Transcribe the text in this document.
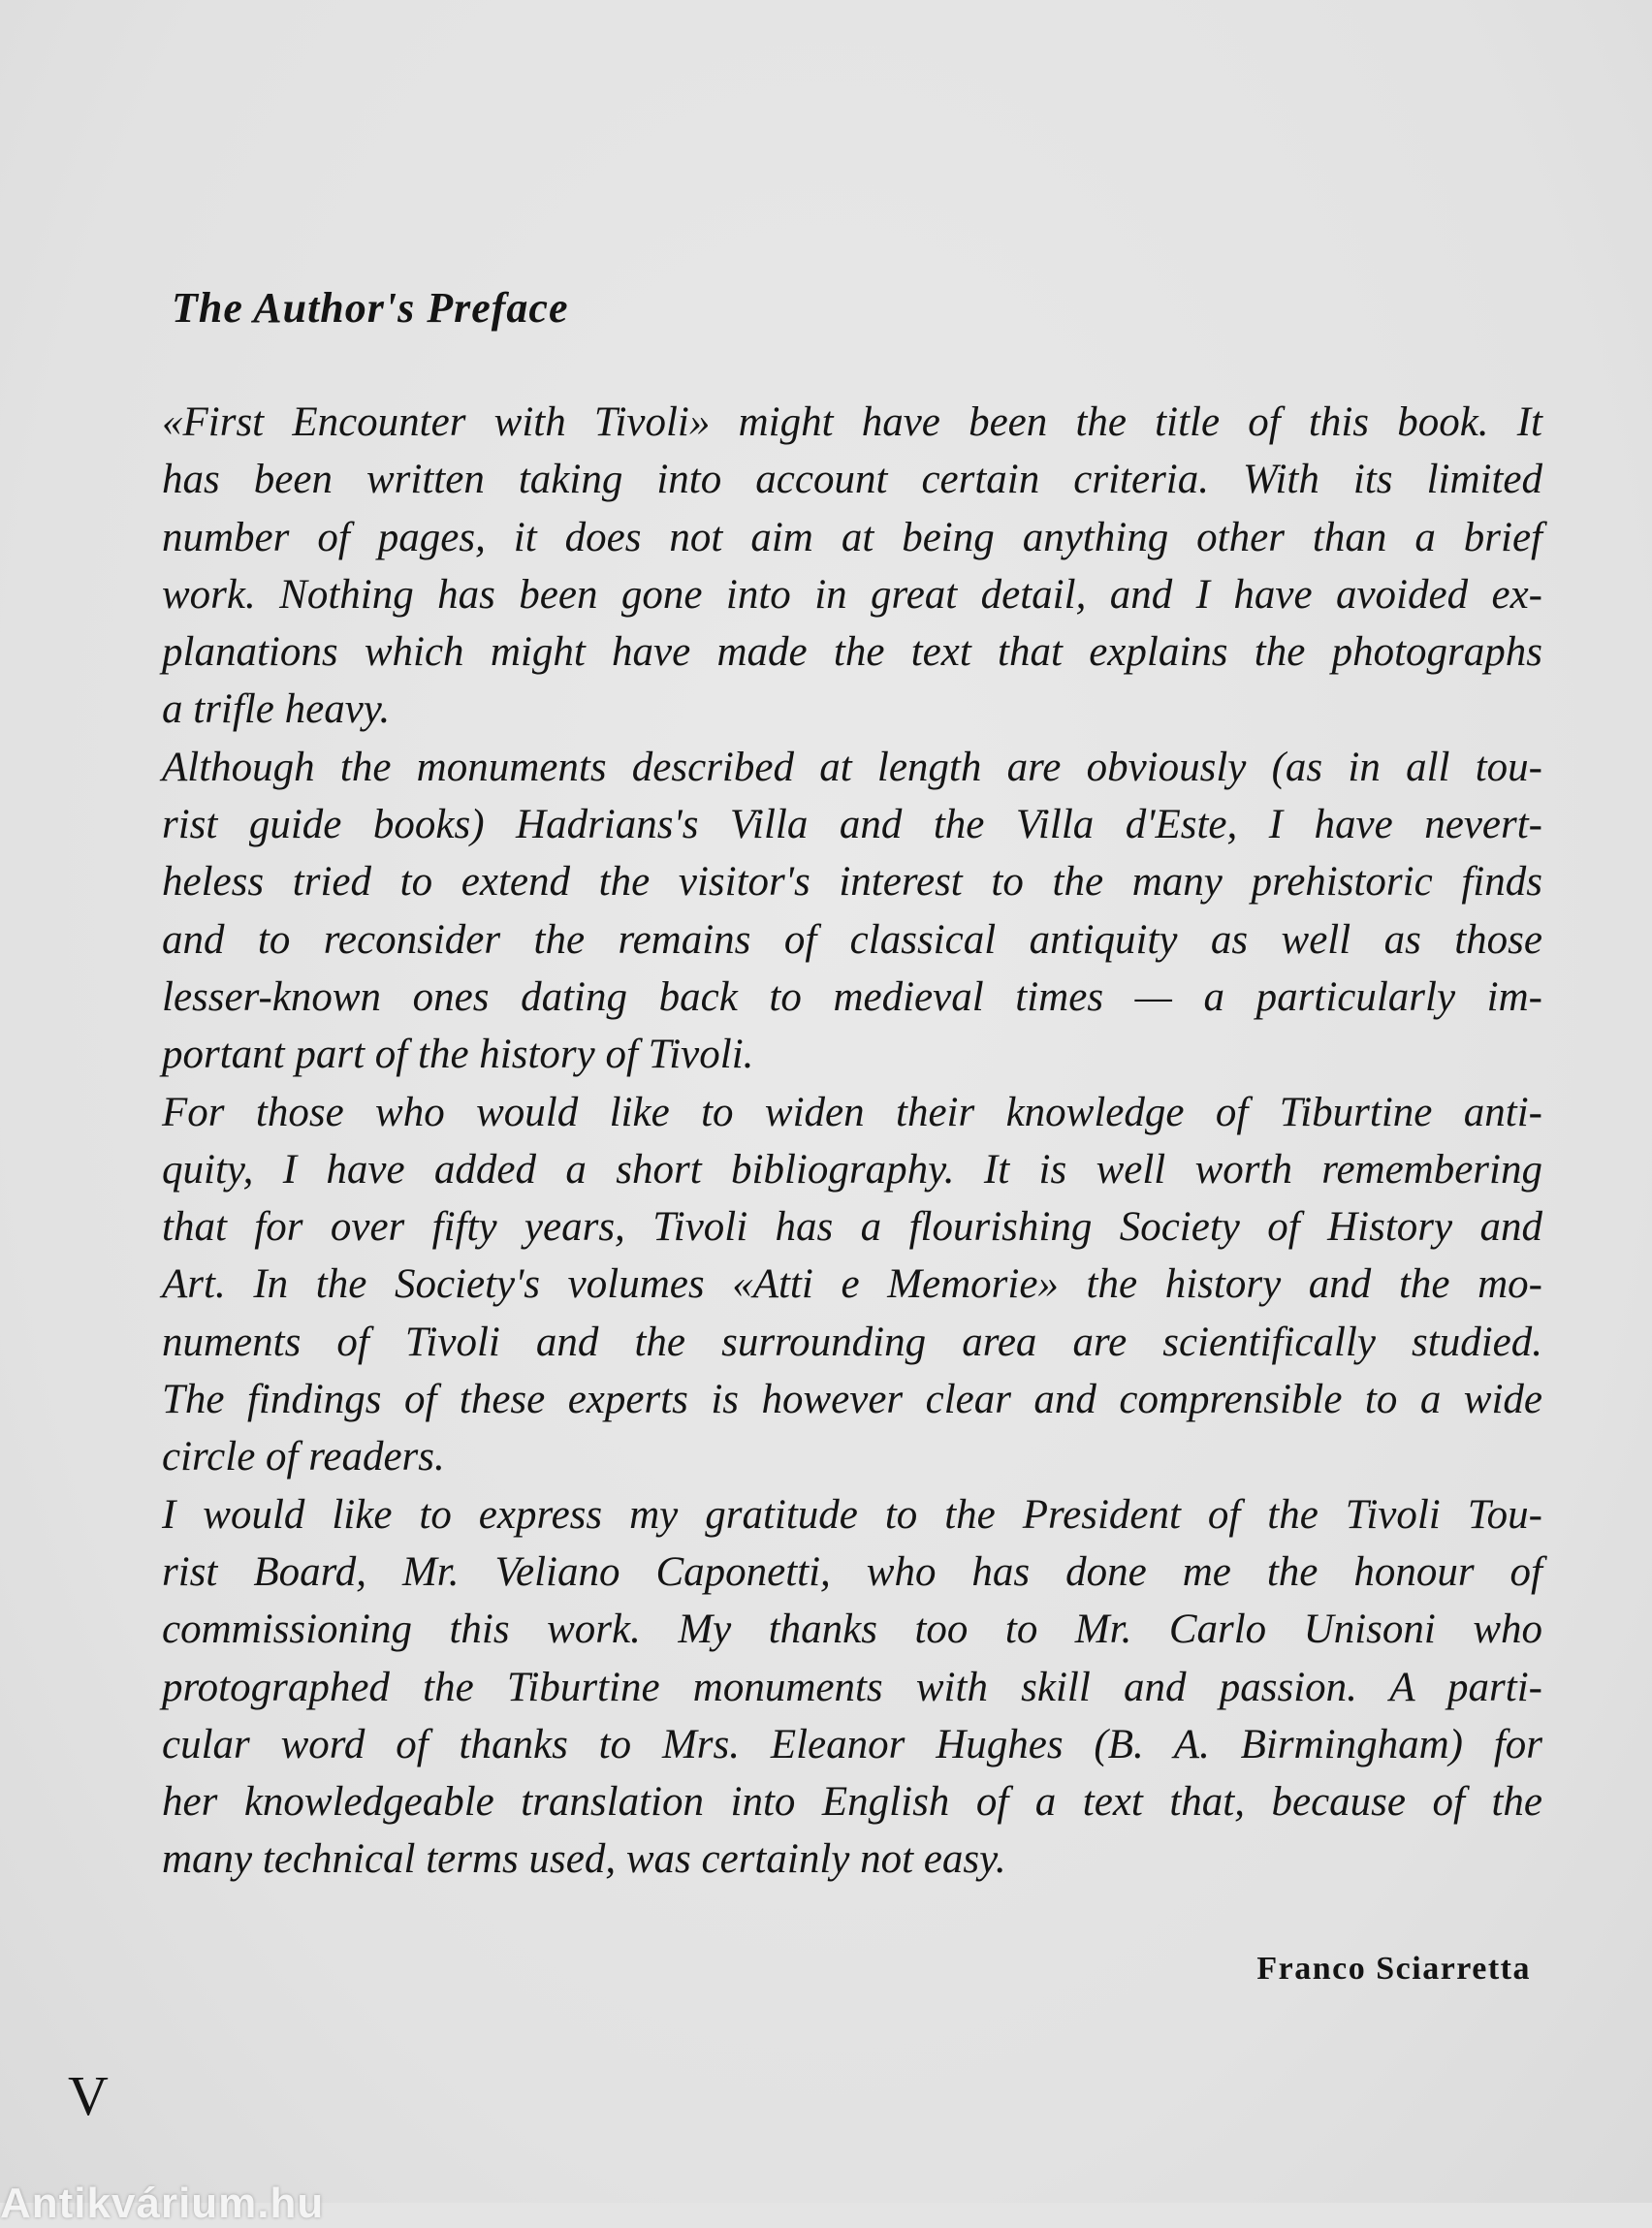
The Author's Preface
«First Encounter with Tivoli» might have been the title of this book. It
has been written taking into account certain criteria. With its limited
number of pages, it does not aim at being anything other than a brief
work. Nothing has been gone into in great detail, and I have avoided ex-
planations which might have made the text that explains the photographs
a trifle heavy.
Although the monuments described at length are obviously (as in all tou-
rist guide books) Hadrians's Villa and the Villa d'Este, I have nevert-
heless tried to extend the visitor's interest to the many prehistoric finds
and to reconsider the remains of classical antiquity as well as those
lesser-known ones dating back to medieval times — a particularly im-
portant part of the history of Tivoli.
For those who would like to widen their knowledge of Tiburtine anti-
quity, I have added a short bibliography. It is well worth remembering
that for over fifty years, Tivoli has a flourishing Society of History and
Art. In the Society's volumes «Atti e Memorie» the history and the mo-
numents of Tivoli and the surrounding area are scientifically studied.
The findings of these experts is however clear and comprensible to a wide
circle of readers.
I would like to express my gratitude to the President of the Tivoli Tou-
rist Board, Mr. Veliano Caponetti, who has done me the honour of
commissioning this work. My thanks too to Mr. Carlo Unisoni who
protographed the Tiburtine monuments with skill and passion. A parti-
cular word of thanks to Mrs. Eleanor Hughes (B. A. Birmingham) for
her knowledgeable translation into English of a text that, because of the
many technical terms used, was certainly not easy.
Franco Sciarretta
V
Antikvárium.hu
